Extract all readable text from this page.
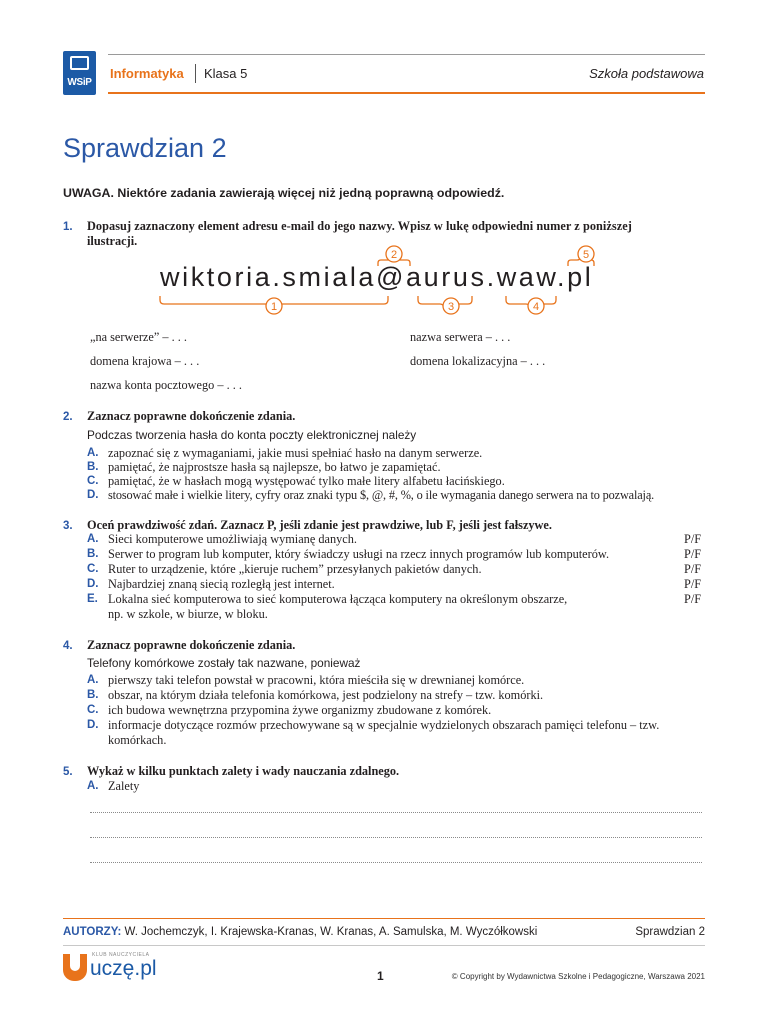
WSiP
Informatyka Klasa 5	Szkoła podstawowa
Sprawdzian 2
UWAGA. Niektóre zadania zawierają więcej niż jedną poprawną odpowiedź.
1. Dopasuj zaznaczony element adresu e-mail do jego nazwy. Wpisz w lukę odpowiedni numer z poniższej
ilustracji.
wiktoria.smiala@aurus.waw.pl
1
2
3	4
5
„na serwerze” – . . .	nazwa serwera – . . .
domena krajowa – . . .	domena lokalizacyjna – . . .
nazwa konta pocztowego – . . .
2. Zaznacz poprawne dokończenie zdania.
Podczas tworzenia hasła do konta poczty elektronicznej należy
A. zapoznać się z wymaganiami, jakie musi spełniać hasło na danym serwerze.
B. pamiętać, że najprostsze hasła są najlepsze, bo łatwo je zapamiętać.
C. pamiętać, że w hasłach mogą występować tylko małe litery alfabetu łacińskiego.
D. stosować małe i wielkie litery, cyfry oraz znaki typu $, @, #, %, o ile wymagania danego serwera na to pozwalają.
3. Oceń prawdziwość zdań. Zaznacz P, jeśli zdanie jest prawdziwe, lub F, jeśli jest fałszywe.
A. Sieci komputerowe umożliwiają wymianę danych.	P/F
B. Serwer to program lub komputer, który świadczy usługi na rzecz innych programów lub komputerów.	P/F
C. Ruter to urządzenie, które „kieruje ruchem” przesyłanych pakietów danych.	P/F
D. Najbardziej znaną siecią rozległą jest internet.	P/F
E. Lokalna sieć komputerowa to sieć komputerowa łącząca komputery na określonym obszarze,
np. w szkole, w biurze, w bloku.
P/F
4. Zaznacz poprawne dokończenie zdania.
Telefony komórkowe zostały tak nazwane, ponieważ
A. pierwszy taki telefon powstał w pracowni, która mieściła się w drewnianej komórce.
B. obszar, na którym działa telefonia komórkowa, jest podzielony na strefy – tzw. komórki.
C. ich budowa wewnętrzna przypomina żywe organizmy zbudowane z komórek.
D. informacje dotyczące rozmów przechowywane są w specjalnie wydzielonych obszarach pamięci telefonu – tzw.
komórkach.
5. Wykaż w kilku punktach zalety i wady nauczania zdalnego.
A. Zalety
AUTORZY: W. Jochemczyk, I. Krajewska-Kranas, W. Kranas, A. Samulska, M. Wyczółkowski	Sprawdzian 2
KLUB NAUCZYCIELA
uczę.pl	1	© Copyright by Wydawnictwa Szkolne i Pedagogiczne, Warszawa 2021
